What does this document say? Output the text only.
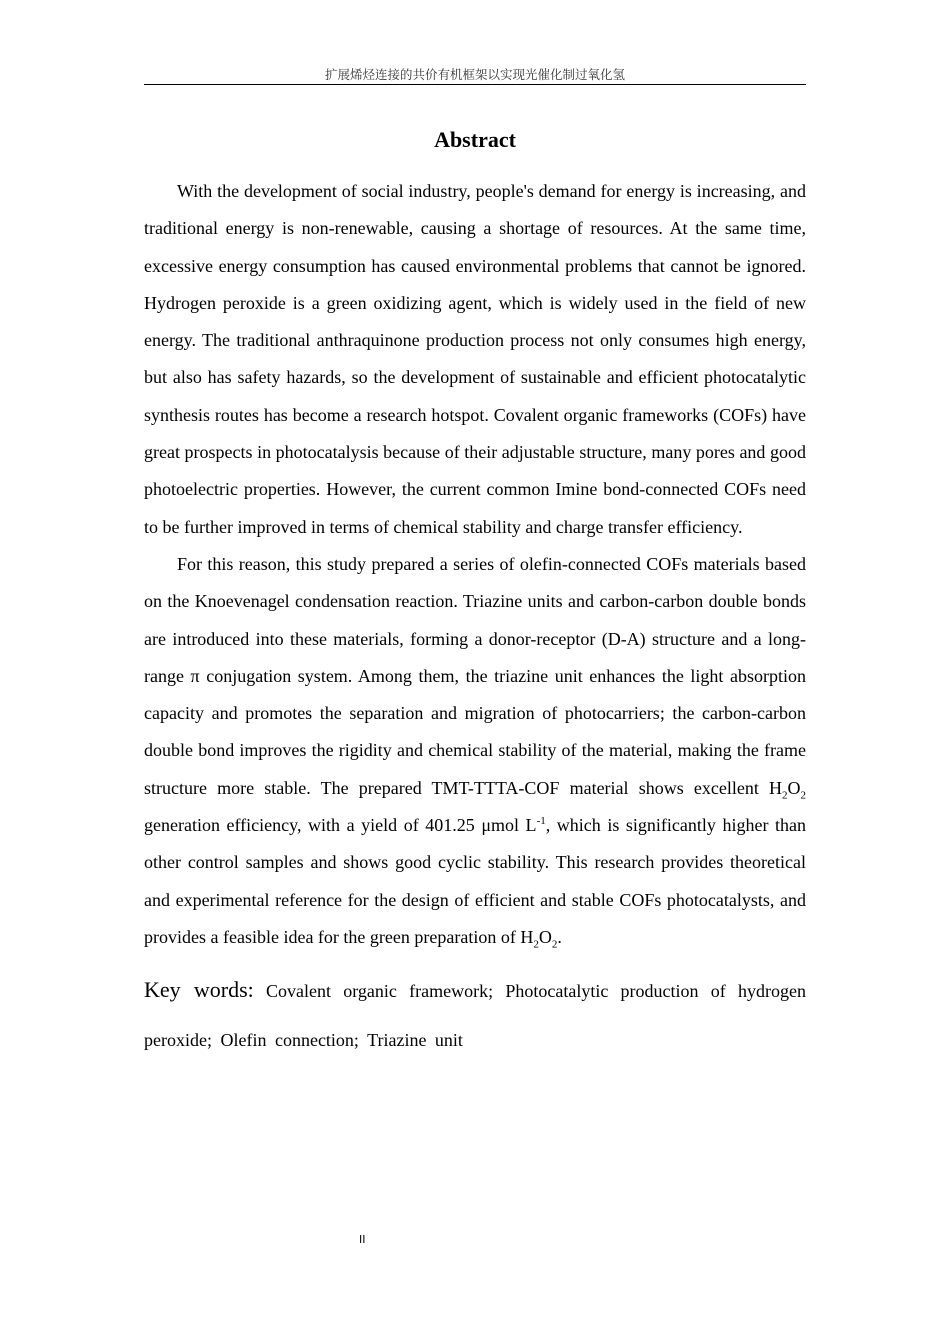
扩展烯烃连接的共价有机框架以实现光催化制过氧化氢
Abstract

With the development of social industry, people's demand for energy is increasing, and traditional energy is non-renewable, causing a shortage of resources. At the same time, excessive energy consumption has caused environmental problems that cannot be ignored. Hydrogen peroxide is a green oxidizing agent, which is widely used in the field of new energy. The traditional anthraquinone production process not only consumes high energy, but also has safety hazards, so the development of sustainable and efficient photocatalytic synthesis routes has become a research hotspot. Covalent organic frameworks (COFs) have great prospects in photocatalysis because of their adjustable structure, many pores and good photoelectric properties. However, the current common Imine bond-connected COFs need to be further improved in terms of chemical stability and charge transfer efficiency.

For this reason, this study prepared a series of olefin-connected COFs materials based on the Knoevenagel condensation reaction. Triazine units and carbon-carbon double bonds are introduced into these materials, forming a donor-receptor (D-A) structure and a long-range π conjugation system. Among them, the triazine unit enhances the light absorption capacity and promotes the separation and migration of photocarriers; the carbon-carbon double bond improves the rigidity and chemical stability of the material, making the frame structure more stable. The prepared TMT-TTTA-COF material shows excellent $H_2O_2$ generation efficiency, with a yield of 401.25 μmol $L^{-1}$, which is significantly higher than other control samples and shows good cyclic stability. This research provides theoretical and experimental reference for the design of efficient and stable COFs photocatalysts, and provides a feasible idea for the green preparation of $H_2O_2$.

Key words: Covalent organic framework; Photocatalytic production of hydrogen peroxide; Olefin connection; Triazine unit

II
